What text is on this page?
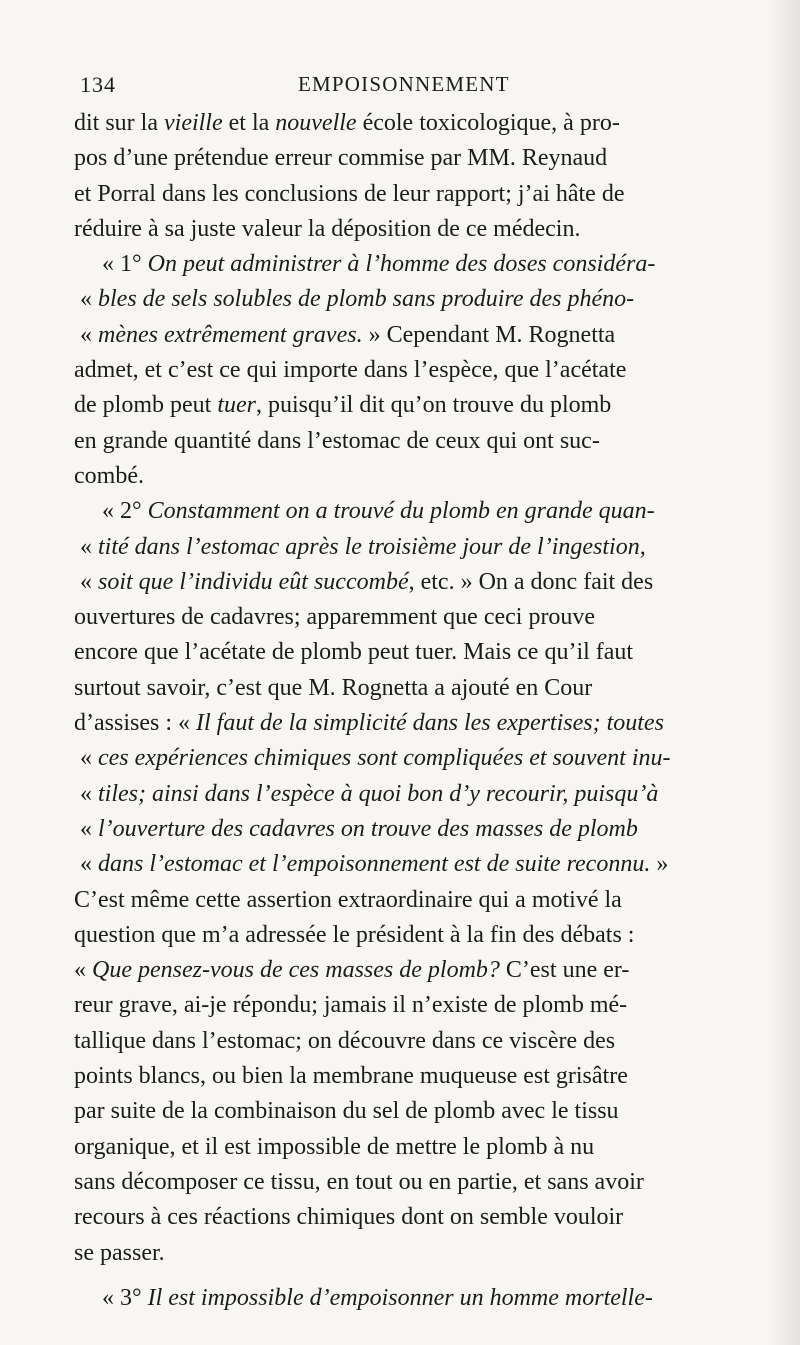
134	EMPOISONNEMENT
dit sur la vieille et la nouvelle école toxicologique, à pro-
pos d’une prétendue erreur commise par MM. Reynaud
et Porral dans les conclusions de leur rapport; j’ai hâte de
réduire à sa juste valeur la déposition de ce médecin.
« 1° On peut administrer à l’homme des doses considéra-
« bles de sels solubles de plomb sans produire des phéno-
« mènes extrêmement graves. » Cependant M. Rognetta
admet, et c’est ce qui importe dans l’espèce, que l’acétate
de plomb peut tuer, puisqu’il dit qu’on trouve du plomb
en grande quantité dans l’estomac de ceux qui ont suc-
combé.
« 2° Constamment on a trouvé du plomb en grande quan-
« tité dans l’estomac après le troisième jour de l’ingestion,
« soit que l’individu eût succombé, etc. » On a donc fait des
ouvertures de cadavres; apparemment que ceci prouve
encore que l’acétate de plomb peut tuer. Mais ce qu’il faut
surtout savoir, c’est que M. Rognetta a ajouté en Cour
d’assises : « Il faut de la simplicité dans les expertises; toutes
« ces expériences chimiques sont compliquées et souvent inu-
« tiles; ainsi dans l’espèce à quoi bon d’y recourir, puisqu’à
« l’ouverture des cadavres on trouve des masses de plomb
« dans l’estomac et l’empoisonnement est de suite reconnu. »
C’est même cette assertion extraordinaire qui a motivé la
question que m’a adressée le président à la fin des débats :
« Que pensez-vous de ces masses de plomb? C’est une er-
reur grave, ai-je répondu; jamais il n’existe de plomb mé-
tallique dans l’estomac; on découvre dans ce viscère des
points blancs, ou bien la membrane muqueuse est grisâtre
par suite de la combinaison du sel de plomb avec le tissu
organique, et il est impossible de mettre le plomb à nu
sans décomposer ce tissu, en tout ou en partie, et sans avoir
recours à ces réactions chimiques dont on semble vouloir
se passer.
« 3° Il est impossible d’empoisonner un homme mortelle-
